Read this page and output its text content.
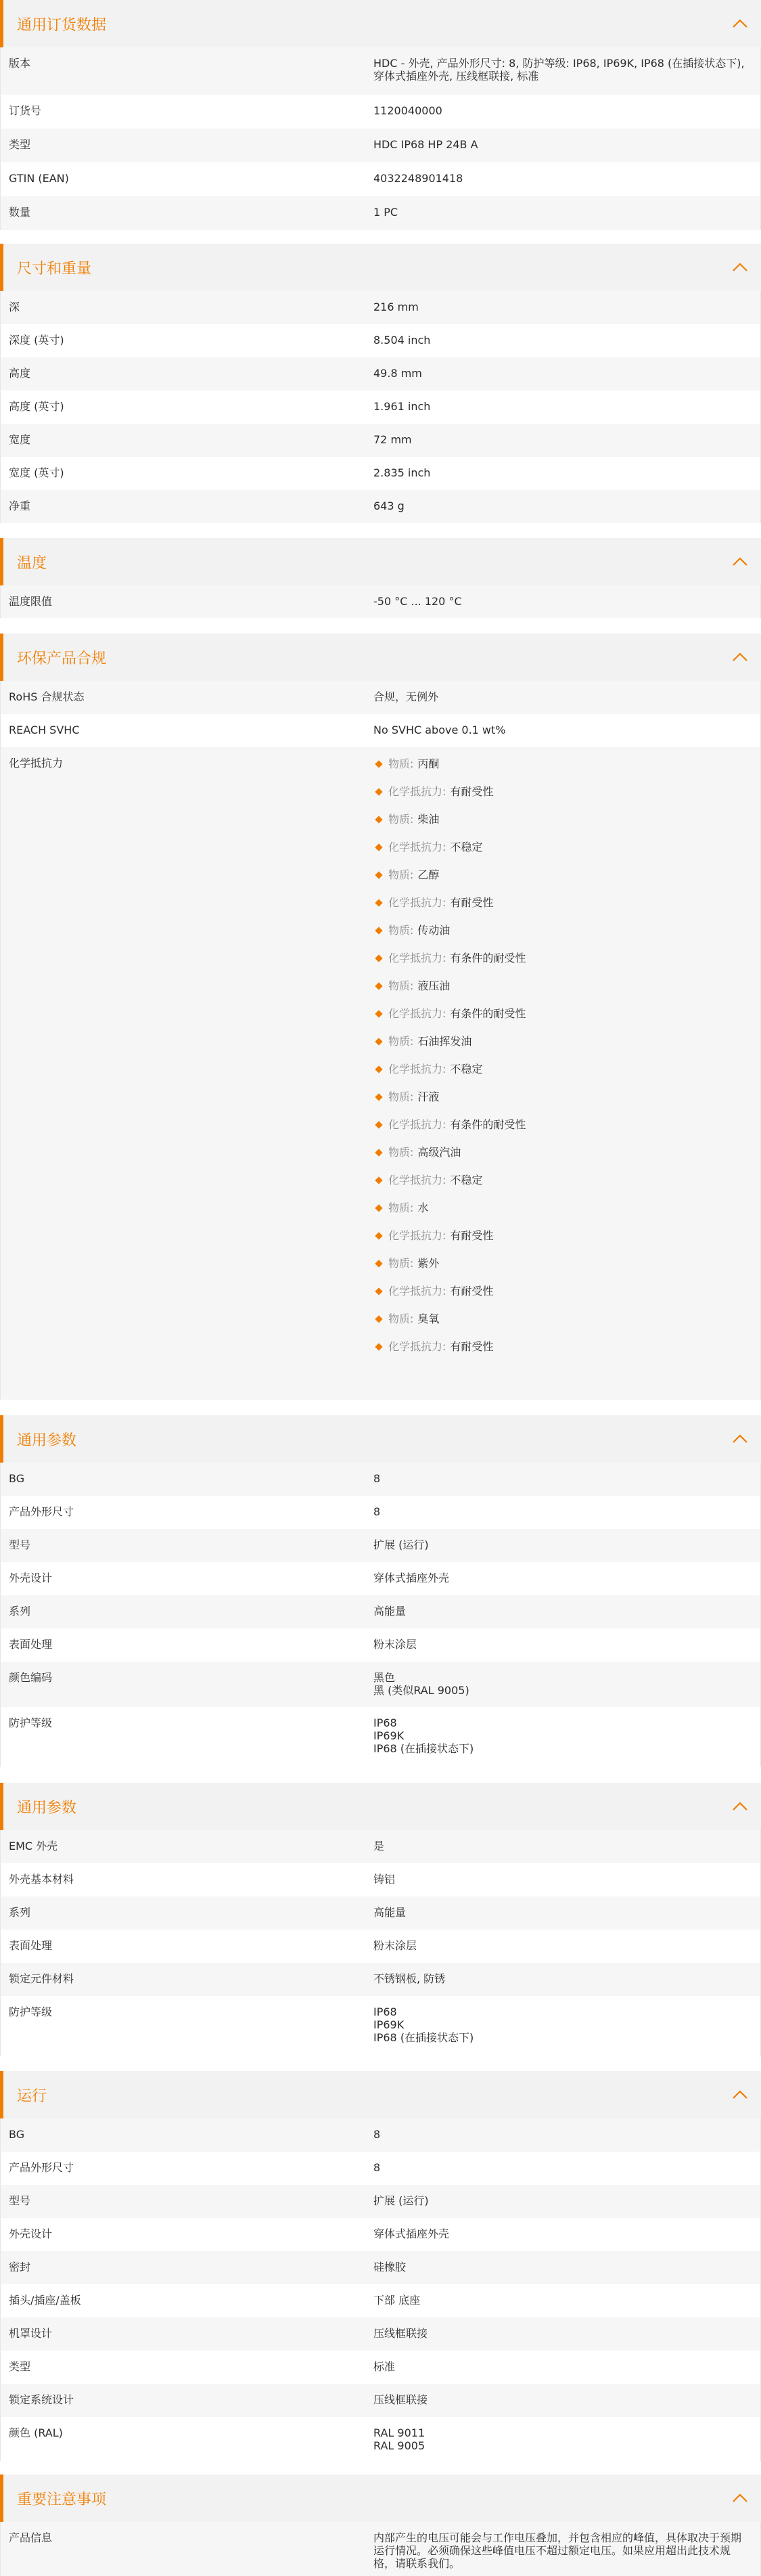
通用订货数据
版本	HDC - 外壳, 产品外形尺寸: 8, 防护等级: IP68, IP69K, IP68 (在插接状态下), 穿体式插座外壳, 压线框联接, 标准
订货号	1120040000
类型	HDC IP68 HP 24B A
GTIN (EAN)	4032248901418
数量	1 PC
尺寸和重量
深	216 mm
深度 (英寸)	8.504 inch
高度	49.8 mm
高度 (英寸)	1.961 inch
宽度	72 mm
宽度 (英寸)	2.835 inch
净重	643 g
温度
温度限值	-50 °C ... 120 °C
环保产品合规
RoHS 合规状态	合规，无例外
REACH SVHC	No SVHC above 0.1 wt%
化学抵抗力	物质: 丙酮
化学抵抗力: 有耐受性
物质: 柴油
化学抵抗力: 不稳定
物质: 乙醇
化学抵抗力: 有耐受性
物质: 传动油
化学抵抗力: 有条件的耐受性
物质: 液压油
化学抵抗力: 有条件的耐受性
物质: 石油挥发油
化学抵抗力: 不稳定
物质: 汗液
化学抵抗力: 有条件的耐受性
物质: 高级汽油
化学抵抗力: 不稳定
物质: 水
化学抵抗力: 有耐受性
物质: 紫外
化学抵抗力: 有耐受性
物质: 臭氧
化学抵抗力: 有耐受性
通用参数
BG	8
产品外形尺寸	8
型号	扩展 (运行)
外壳设计	穿体式插座外壳
系列	高能量
表面处理	粉末涂层
颜色编码	黑色
黑 (类似RAL 9005)
防护等级	IP68
IP69K
IP68 (在插接状态下)
通用参数
EMC 外壳	是
外壳基本材料	铸铝
系列	高能量
表面处理	粉末涂层
锁定元件材料	不锈钢板, 防锈
防护等级	IP68
IP69K
IP68 (在插接状态下)
运行
BG	8
产品外形尺寸	8
型号	扩展 (运行)
外壳设计	穿体式插座外壳
密封	硅橡胶
插头/插座/盖板	下部 底座
机罩设计	压线框联接
类型	标准
锁定系统设计	压线框联接
颜色 (RAL)	RAL 9011
RAL 9005
重要注意事项
产品信息	内部产生的电压可能会与工作电压叠加，并包含相应的峰值，具体取决于预期运行情况。必须确保这些峰值电压不超过额定电压。如果应用超出此技术规格，请联系我们。
